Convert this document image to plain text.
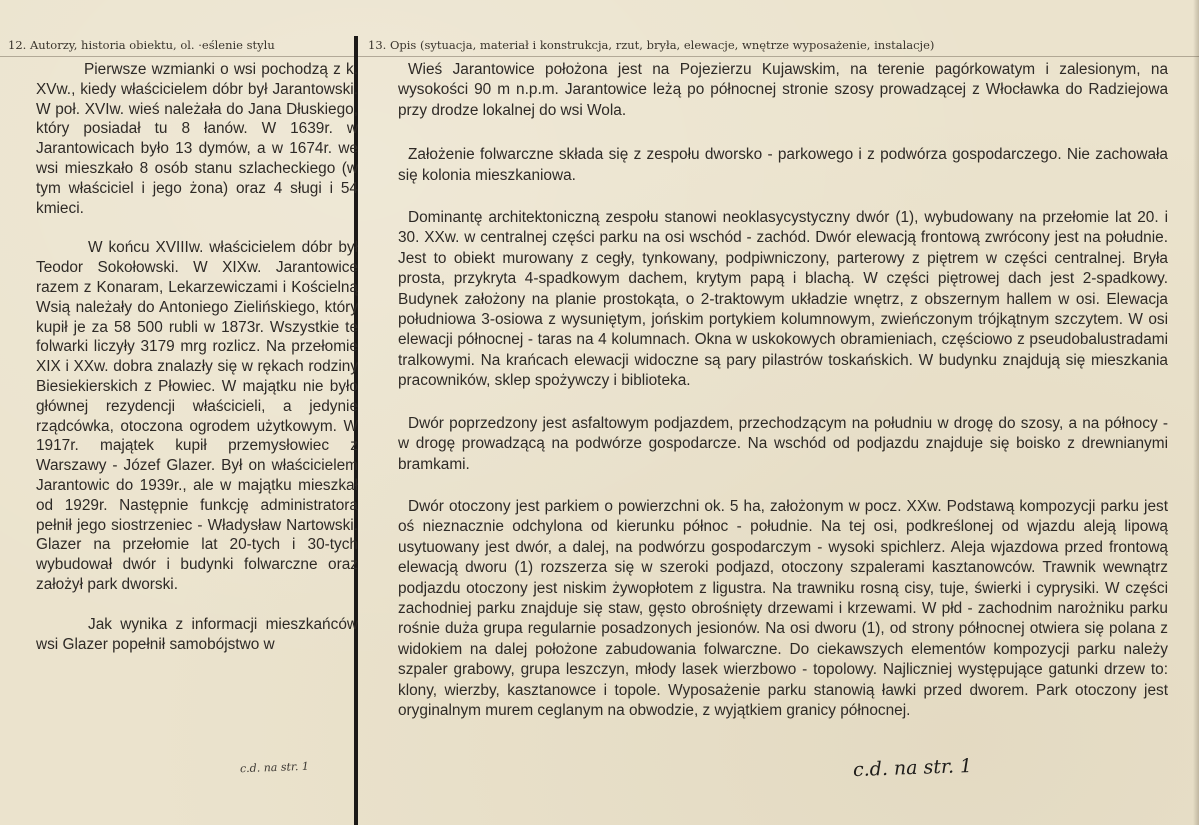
12. Autorzy, historia obiektu, ol. ·eślenie stylu	13. Opis (sytuacja, materiał i konstrukcja, rzut, bryła, elewacje, wnętrze wyposażenie, instalacje)

Pierwsze wzmianki o wsi pochodzą z k. XVw., kiedy właścicielem dóbr był Jarantowski. W poł. XVIw. wieś należała do Jana Dłuskiego, który posiadał tu 8 łanów. W 1639r. w Jarantowicach było 13 dymów, a w 1674r. we wsi mieszkało 8 osób stanu szlacheckiego (w tym właściciel i jego żona) oraz 4 sługi i 54 kmieci.

W końcu XVIIIw. właścicielem dóbr był Teodor Sokołowski. W XIXw. Jarantowice razem z Konaram, Lekarzewiczami i Kościelną Wsią należały do Antoniego Zielińskiego, który kupił je za 58 500 rubli w 1873r. Wszystkie te folwarki liczyły 3179 mrg rozlicz. Na przełomie XIX i XXw. dobra znalazły się w rękach rodziny Biesiekierskich z Płowiec. W majątku nie było głównej rezydencji właścicieli, a jedynie rządcówka, otoczona ogrodem użytkowym. W 1917r. majątek kupił przemysłowiec z Warszawy - Józef Glazer. Był on właścicielem Jarantowic do 1939r., ale w majątku mieszkał od 1929r. Następnie funkcję administratora pełnił jego siostrzeniec - Władysław Nartowski. Glazer na przełomie lat 20-tych i 30-tych wybudował dwór i budynki folwarczne oraz założył park dworski.

Jak wynika z informacji mieszkańców wsi Glazer popełnił samobójstwo w

c.d. na str. 1

Wieś Jarantowice położona jest na Pojezierzu Kujawskim, na terenie pagórkowatym i zalesionym, na wysokości 90 m n.p.m. Jarantowice leżą po północnej stronie szosy prowadzącej z Włocławka do Radziejowa przy drodze lokalnej do wsi Wola.

Założenie folwarczne składa się z zespołu dworsko - parkowego i z podwórza gospodarczego. Nie zachowała się kolonia mieszkaniowa.

Dominantę architektoniczną zespołu stanowi neoklasycystyczny dwór (1), wybudowany na przełomie lat 20. i 30. XXw. w centralnej części parku na osi wschód - zachód. Dwór elewacją frontową zwrócony jest na południe. Jest to obiekt murowany z cegły, tynkowany, podpiwniczony, parterowy z piętrem w części centralnej. Bryła prosta, przykryta 4-spadkowym dachem, krytym papą i blachą. W części piętrowej dach jest 2-spadkowy. Budynek założony na planie prostokąta, o 2-traktowym układzie wnętrz, z obszernym hallem w osi. Elewacja południowa 3-osiowa z wysuniętym, jońskim portykiem kolumnowym, zwieńczonym trójkątnym szczytem. W osi elewacji północnej - taras na 4 kolumnach. Okna w uskokowych obramieniach, częściowo z pseudobalustradami tralkowymi. Na krańcach elewacji widoczne są pary pilastrów toskańskich. W budynku znajdują się mieszkania pracowników, sklep spożywczy i biblioteka.

Dwór poprzedzony jest asfaltowym podjazdem, przechodzącym na południu w drogę do szosy, a na północy - w drogę prowadzącą na podwórze gospodarcze. Na wschód od podjazdu znajduje się boisko z drewnianymi bramkami.

Dwór otoczony jest parkiem o powierzchni ok. 5 ha, założonym w pocz. XXw. Podstawą kompozycji parku jest oś nieznacznie odchylona od kierunku północ - południe. Na tej osi, podkreślonej od wjazdu aleją lipową usytuowany jest dwór, a dalej, na podwórzu gospodarczym - wysoki spichlerz. Aleja wjazdowa przed frontową elewacją dworu (1) rozszerza się w szeroki podjazd, otoczony szpalerami kasztanowców. Trawnik wewnątrz podjazdu otoczony jest niskim żywopłotem z ligustra. Na trawniku rosną cisy, tuje, świerki i cyprysiki. W części zachodniej parku znajduje się staw, gęsto obrośnięty drzewami i krzewami. W płd - zachodnim narożniku parku rośnie duża grupa regularnie posadzonych jesionów. Na osi dworu (1), od strony północnej otwiera się polana z widokiem na dalej położone zabudowania folwarczne. Do ciekawszych elementów kompozycji parku należy szpaler grabowy, grupa leszczyn, młody lasek wierzbowo - topolowy. Najliczniej występujące gatunki drzew to: klony, wierzby, kasztanowce i topole. Wyposażenie parku stanowią ławki przed dworem. Park otoczony jest oryginalnym murem ceglanym na obwodzie, z wyjątkiem granicy północnej.

c.d. na str. 1
